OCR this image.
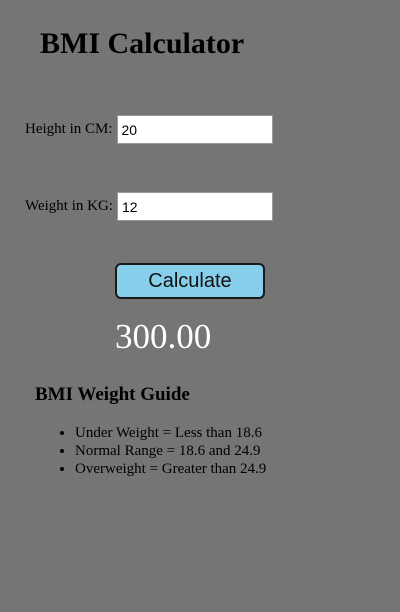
BMI Calculator
Height in CM:
20
Weight in KG:
12
Calculate
300.00
BMI Weight Guide
• Under Weight = Less than 18.6
• Normal Range = 18.6 and 24.9
• Overweight = Greater than 24.9
